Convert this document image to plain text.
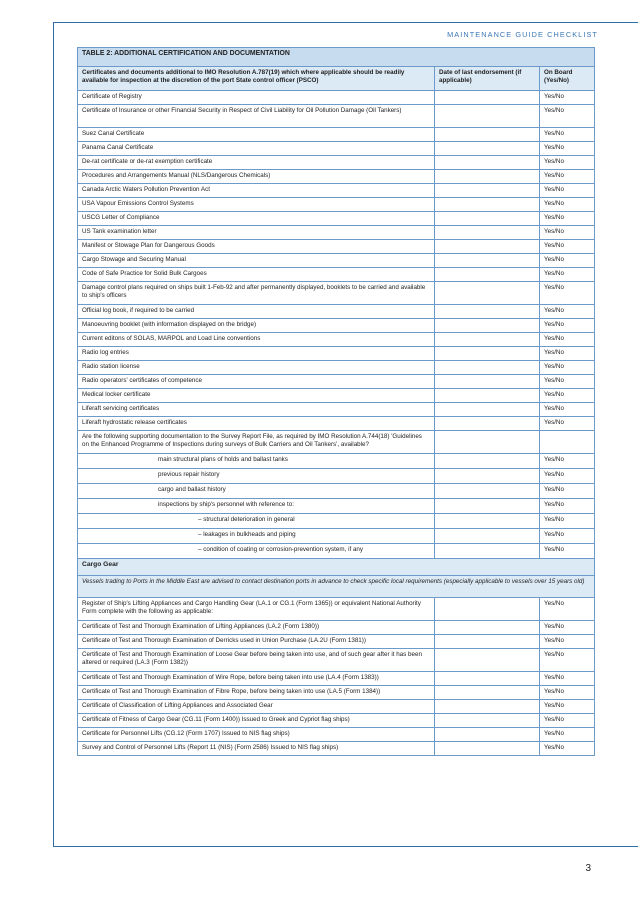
MAINTENANCE GUIDE CHECKLIST
TABLE 2: ADDITIONAL CERTIFICATION AND DOCUMENTATION		
Certificates and documents additional to IMO Resolution A.787(19) which where applicable should be readily available for inspection at the discretion of the port State control officer (PSCO)	Date of last endorsement (if applicable)	On Board (Yes/No)
Certificate of Registry		Yes/No
Certificate of Insurance or other Financial Security in Respect of Civil Liability for Oil Pollution Damage (Oil Tankers)		Yes/No
Suez Canal Certificate		Yes/No
Panama Canal Certificate		Yes/No
De-rat certificate or de-rat exemption certificate		Yes/No
Procedures and Arrangements Manual (NLS/Dangerous Chemicals)		Yes/No
Canada Arctic Waters Pollution Prevention Act		Yes/No
USA Vapour Emissions Control Systems		Yes/No
USCG Letter of Compliance		Yes/No
US Tank examination letter		Yes/No
Manifest or Stowage Plan for Dangerous Goods		Yes/No
Cargo Stowage and Securing Manual		Yes/No
Code of Safe Practice for Solid Bulk Cargoes		Yes/No
Damage control plans required on ships built 1-Feb-92 and after permanently displayed, booklets to be carried and available to ship's officers		Yes/No
Official log book, if required to be carried		Yes/No
Manoeuvring booklet (with information displayed on the bridge)		Yes/No
Current editons of SOLAS, MARPOL and Load Line conventions		Yes/No
Radio log entries		Yes/No
Radio station license		Yes/No
Radio operators' certificates of competence		Yes/No
Medical locker certificate		Yes/No
Liferaft servicing certificates		Yes/No
Liferaft hydrostatic release certificates		Yes/No
Are the following supporting documentation to the Survey Report File, as required by IMO Resolution A.744(18) 'Guidelines on the Enhanced Programme of Inspections during surveys of Bulk Carriers and Oil Tankers', available?		
main structural plans of holds and ballast tanks		Yes/No
previous repair history		Yes/No
cargo and ballast history		Yes/No
inspections by ship's personnel with reference to:		Yes/No
– structural deterioration in general		Yes/No
– leakages in bulkheads and piping		Yes/No
– condition of coating or corrosion-prevention system, if any		Yes/No
Cargo Gear		
Vessels trading to Ports in the Middle East are advised to contact destination ports in advance to check specific local requirements (especially applicable to vessels over 15 years old)		
Register of Ship's Lifting Appliances and Cargo Handling Gear (LA.1 or CG.1 (Form 1365)) or equivalent National Authority Form complete with the following as applicable:		Yes/No
Certificate of Test and Thorough Examination of Lifting Appliances (LA.2 (Form 1380))		Yes/No
Certificate of Test and Thorough Examination of Derricks used in Union Purchase (LA.2U (Form 1381))		Yes/No
Certificate of Test and Thorough Examination of Loose Gear before being taken into use, and of such gear after it has been altered or required (LA.3 (Form 1382))		Yes/No
Certificate of Test and Thorough Examination of Wire Rope, before being taken into use (LA.4 (Form 1383))		Yes/No
Certificate of Test and Thorough Examination of Fibre Rope, before being taken into use (LA.5 (Form 1384))		Yes/No
Certificate of Classification of Lifting Appliances and Associated Gear		Yes/No
Certificate of Fitness of Cargo Gear (CG.11 (Form 1400)) Issued to Greek and Cypriot flag ships)		Yes/No
Certificate for Personnel Lifts (CG.12 (Form 1707) Issued to NIS flag ships)		Yes/No
Survey and Control of Personnel Lifts (Report 11 (NIS) (Form 2586) Issued to NIS flag ships)		Yes/No
3
